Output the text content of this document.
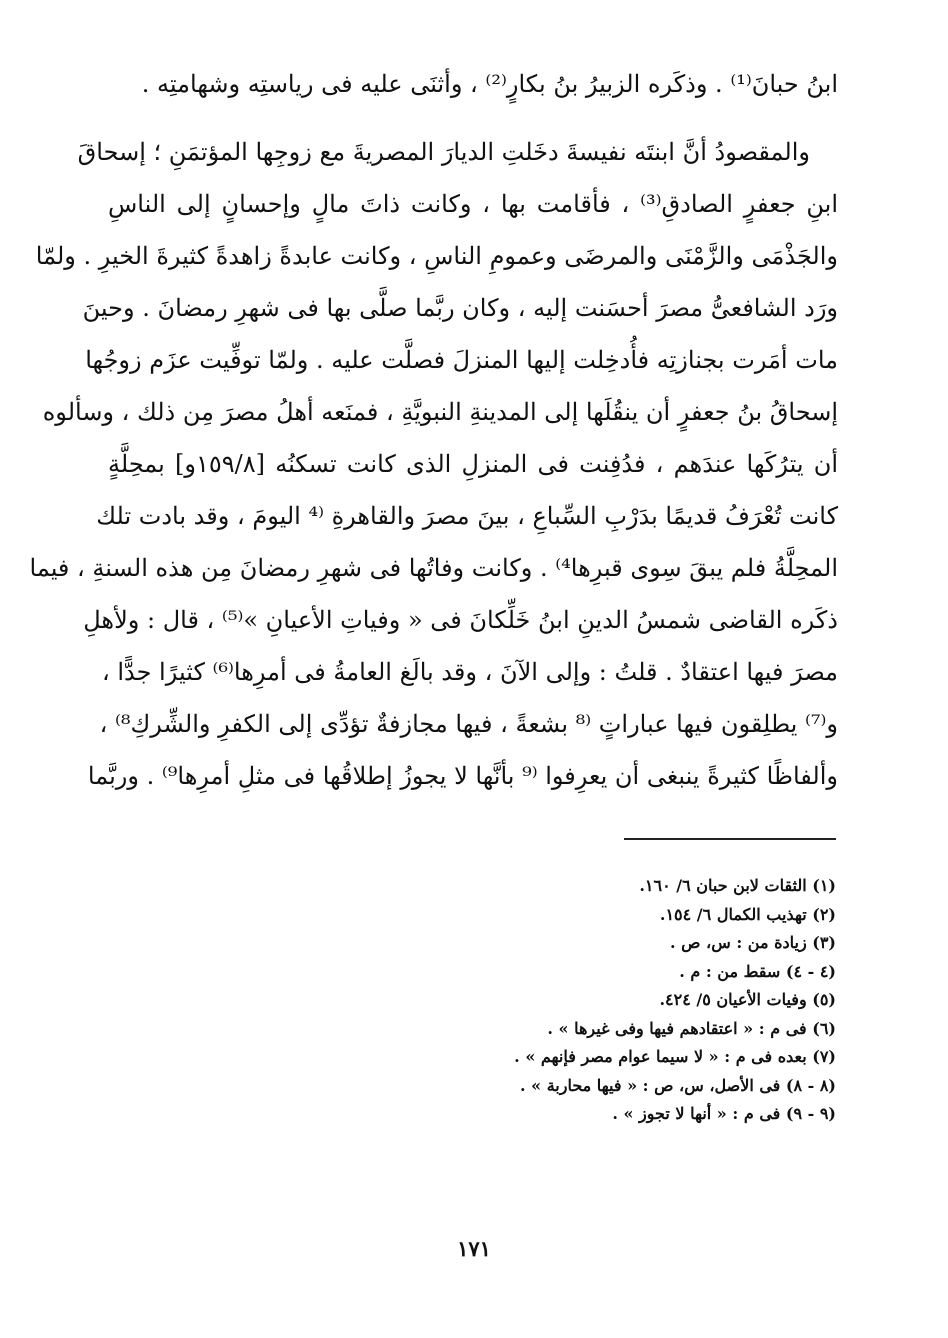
ابنُ حبانَ⁽¹⁾ . وذكَره الزبيرُ بنُ بكارٍ⁽²⁾ ، وأثنَى عليه فى رياستِه وشهامتِه .
والمقصودُ أنَّ ابنتَه نفيسةَ دخَلتِ الديارَ المصريةَ مع زوجِها المؤتمَنِ ؛ إسحاقَ
ابنِ جعفرٍ الصادقِ⁽³⁾ ، فأقامت بها ، وكانت ذاتَ مالٍ وإحسانٍ إلى الناسِ
والجَذْمَى والزَّمْنَى والمرضَى وعمومِ الناسِ ، وكانت عابدةً زاهدةً كثيرةَ الخيرِ . ولمّا
ورَد الشافعىُّ مصرَ أحسَنت إليه ، وكان ربَّما صلَّى بها فى شهرِ رمضانَ . وحينَ
مات أمَرت بجنازتِه فأُدخِلت إليها المنزلَ فصلَّت عليه . ولمّا توفِّيت عزَم زوجُها
إسحاقُ بنُ جعفرٍ أن ينقُلَها إلى المدينةِ النبويَّةِ ، فمنَعه أهلُ مصرَ مِن ذلك ، وسألوه
أن يترُكَها عندَهم ، فدُفِنت فى المنزلِ الذى كانت تسكنُه [١٥٩/٨و] بمحِلَّةٍ
كانت تُعْرَفُ قديمًا بدَرْبِ السِّباعِ ، بينَ مصرَ والقاهرةِ ⁽⁴ اليومَ ، وقد بادت تلك
المحِلَّةُ فلم يبقَ سِوى قبرِها⁴⁾ . وكانت وفاتُها فى شهرِ رمضانَ مِن هذه السنةِ ، فيما
ذكَره القاضى شمسُ الدينِ ابنُ خَلِّكانَ فى « وفياتِ الأعيانِ »⁽⁵⁾ ، قال : ولأهلِ
مصرَ فيها اعتقادٌ . قلتُ : وإلى الآنَ ، وقد بالَغ العامةُ فى أمرِها⁽⁶⁾ كثيرًا جدًّا ،
و⁽⁷⁾ يطلِقون فيها عباراتٍ ⁽⁸ بشعةً ، فيها مجازفةٌ تؤدِّى إلى الكفرِ والشِّركِ⁸⁾ ،
وألفاظًا كثيرةً ينبغى أن يعرِفوا ⁽⁹ بأنَّها لا يجوزُ إطلاقُها فى مثلِ أمرِها⁹⁾ . وربَّما
(١) الثقات لابن حبان ٦/ ١٦٠.
(٢) تهذيب الكمال ٦/ ١٥٤.
(٣) زيادة من : س، ص .
(٤ - ٤) سقط من : م .
(٥) وفيات الأعيان ٥/ ٤٢٤.
(٦) فى م : « اعتقادهم فيها وفى غيرها » .
(٧) بعده فى م : « لا سيما عوام مصر فإنهم » .
(٨ - ٨) فى الأصل، س، ص : « فيها محاربة » .
(٩ - ٩) فى م : « أنها لا تجوز » .
١٧١
